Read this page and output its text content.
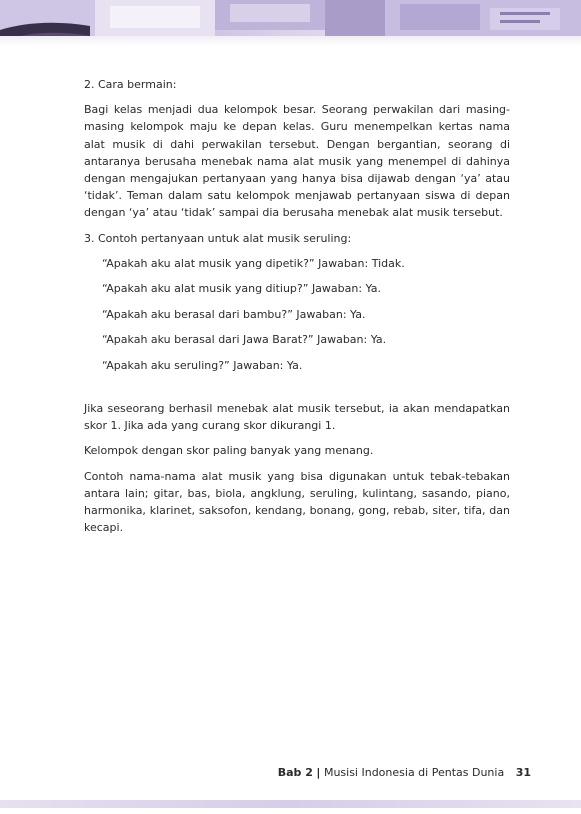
2. Cara bermain:

Bagi kelas menjadi dua kelompok besar. Seorang perwakilan dari masing-masing kelompok maju ke depan kelas. Guru menempelkan kertas nama alat musik di dahi perwakilan tersebut. Dengan bergantian, seorang di antaranya berusaha menebak nama alat musik yang menempel di dahinya dengan mengajukan pertanyaan yang hanya bisa dijawab dengan ‘ya’ atau ‘tidak’. Teman dalam satu kelompok menjawab pertanyaan siswa di depan dengan ‘ya’ atau ‘tidak’ sampai dia berusaha menebak alat musik tersebut.

3. Contoh pertanyaan untuk alat musik seruling:

“Apakah aku alat musik yang dipetik?” Jawaban: Tidak.

“Apakah aku alat musik yang ditiup?” Jawaban: Ya.

“Apakah aku berasal dari bambu?” Jawaban: Ya.

“Apakah aku berasal dari Jawa Barat?” Jawaban: Ya.

“Apakah aku seruling?” Jawaban: Ya.

Jika seseorang berhasil menebak alat musik tersebut, ia akan mendapatkan skor 1. Jika ada yang curang skor dikurangi 1.

Kelompok dengan skor paling banyak yang menang.

Contoh nama-nama alat musik yang bisa digunakan untuk tebak-tebakan antara lain; gitar, bas, biola, angklung, seruling, kulintang, sasando, piano, harmonika, klarinet, saksofon, kendang, bonang, gong, rebab, siter, tifa, dan kecapi.

Bab 2 | Musisi Indonesia di Pentas Dunia 31
